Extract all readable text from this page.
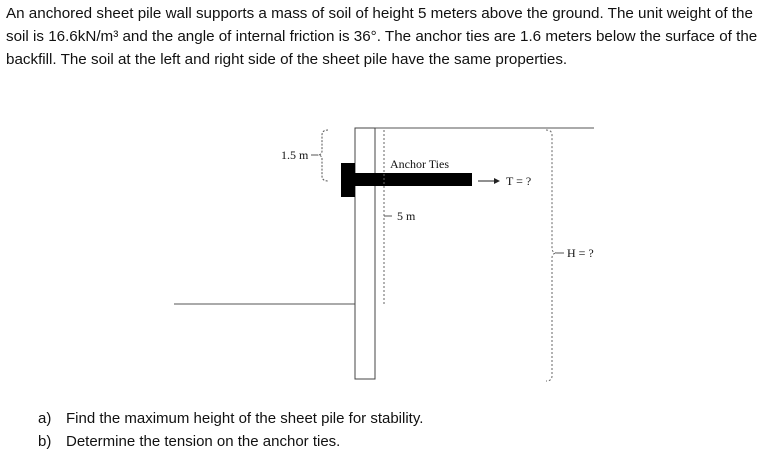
An anchored sheet pile wall supports a mass of soil of height 5 meters above the ground. The unit weight of the soil is 16.6kN/m³ and the angle of internal friction is 36°. The anchor ties are 1.6 meters below the surface of the backfill. The soil at the left and right side of the sheet pile have the same properties.

1.5 m
Anchor Ties
T = ?
5 m
H = ?
a) Find the maximum height of the sheet pile for stability.
b) Determine the tension on the anchor ties.
